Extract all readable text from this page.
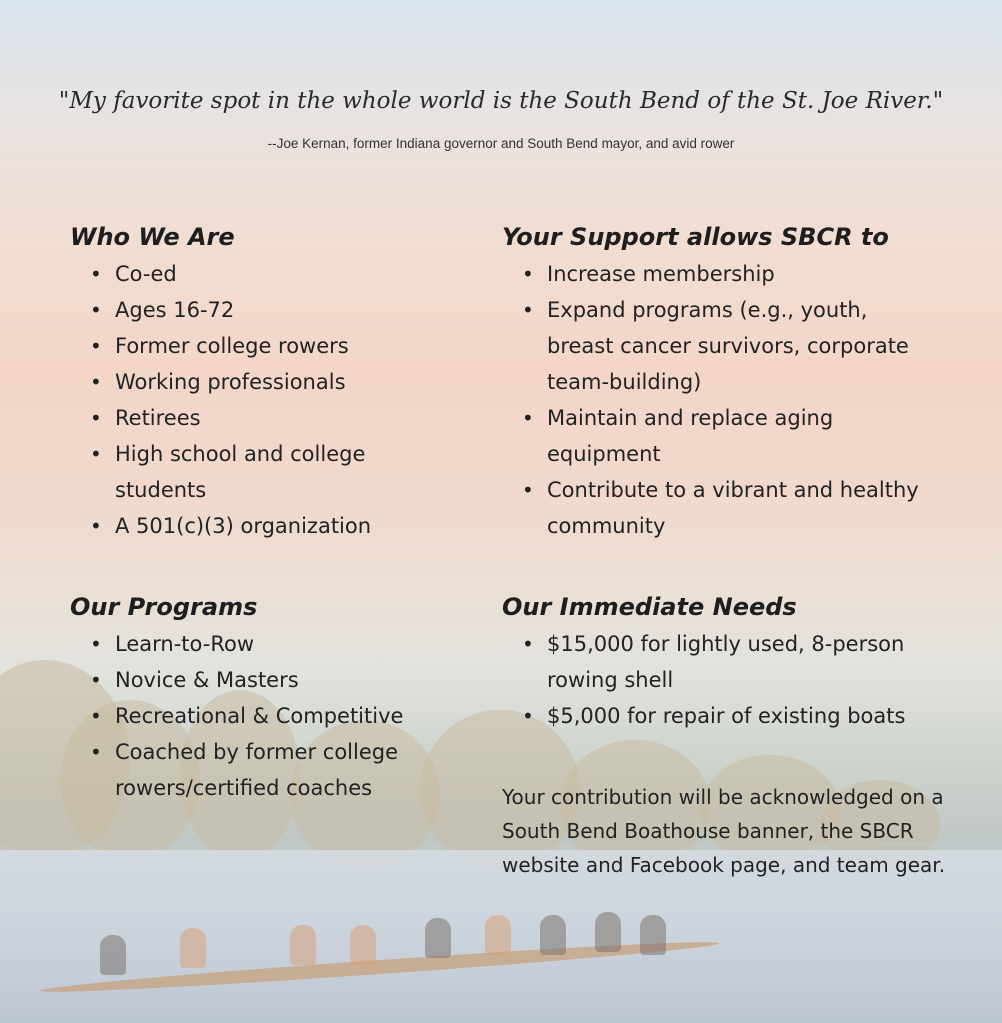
"My favorite spot in the whole world is the South Bend of the St. Joe River."
--Joe Kernan, former Indiana governor and South Bend mayor, and avid rower
Who We Are
• Co-ed
• Ages 16-72
• Former college rowers
• Working professionals
• Retirees
• High school and college students
• A 501(c)(3) organization
Your Support allows SBCR to
• Increase membership
• Expand programs (e.g., youth, breast cancer survivors, corporate team-building)
• Maintain and replace aging equipment
• Contribute to a vibrant and healthy community
Our Programs
• Learn-to-Row
• Novice & Masters
• Recreational & Competitive
• Coached by former college rowers/certified coaches
Our Immediate Needs
• $15,000 for lightly used, 8-person rowing shell
• $5,000 for repair of existing boats
Your contribution will be acknowledged on a South Bend Boathouse banner, the SBCR website and Facebook page, and team gear.
